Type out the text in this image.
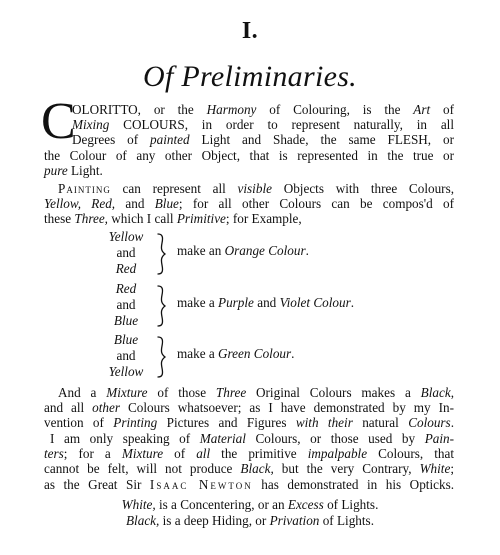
I.
Of Preliminaries.
C
OLORITTO, or the Harmony of Colouring, is the Art of
Mixing COLOURS, in order to represent naturally, in all
Degrees of painted Light and Shade, the same FLESH, or
the Colour of any other Object, that is represented in the true or
pure Light.
Painting can represent all visible Objects with three Colours,
Yellow, Red, and Blue; for all other Colours can be compos'd of
these Three, which I call Primitive; for Example,
Yellow
and
Red
make an Orange Colour.
Red
and
Blue
make a Purple and Violet Colour.
Blue
and
Yellow
make a Green Colour.
And a Mixture of those Three Original Colours makes a Black,
and all other Colours whatsoever; as I have demonstrated by my In-
vention of Printing Pictures and Figures with their natural Colours.
I am only speaking of Material Colours, or those used by Pain-
ters; for a Mixture of all the primitive impalpable Colours, that
cannot be felt, will not produce Black, but the very Contrary, White;
as the Great Sir Isaac Newton has demonstrated in his Opticks.
White, is a Concentering, or an Excess of Lights.
Black, is a deep Hiding, or Privation of Lights.
